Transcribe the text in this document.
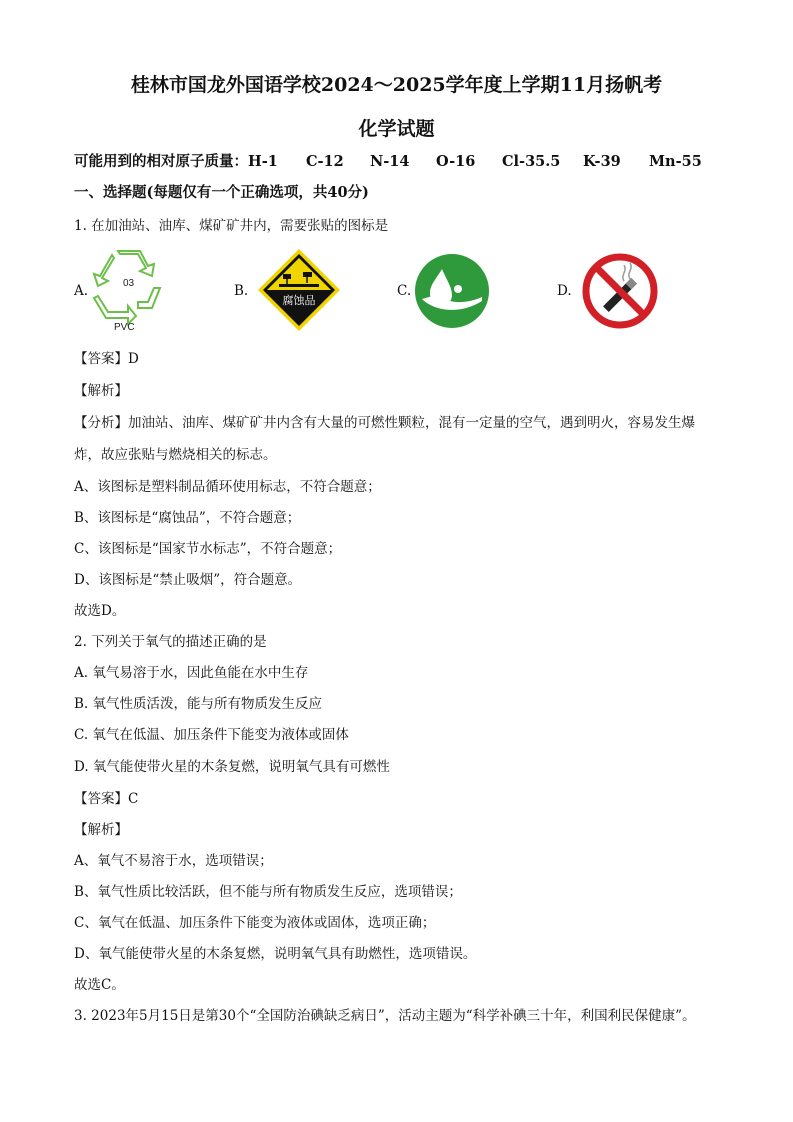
桂林市国龙外国语学校2024～2025学年度上学期11月扬帆考
化学试题
可能用到的相对原子质量：H-1 C-12 N-14 O-16 Cl-35.5 K-39 Mn-55
一、选择题(每题仅有一个正确选项，共40分)
1. 在加油站、油库、煤矿矿井内，需要张贴的图标是
A.	03
PVC
B.
腐蚀品
C.	D.
【答案】D
【解析】
【分析】加油站、油库、煤矿矿井内含有大量的可燃性颗粒，混有一定量的空气，遇到明火，容易发生爆
炸，故应张贴与燃烧相关的标志。
A、该图标是塑料制品循环使用标志，不符合题意；
B、该图标是“腐蚀品”，不符合题意；
C、该图标是“国家节水标志”，不符合题意；
D、该图标是“禁止吸烟”，符合题意。
故选D。
2. 下列关于氧气的描述正确的是
A. 氧气易溶于水，因此鱼能在水中生存
B. 氧气性质活泼，能与所有物质发生反应
C. 氧气在低温、加压条件下能变为液体或固体
D. 氧气能使带火星的木条复燃，说明氧气具有可燃性
【答案】C
【解析】
A、氧气不易溶于水，选项错误；
B、氧气性质比较活跃，但不能与所有物质发生反应，选项错误；
C、氧气在低温、加压条件下能变为液体或固体，选项正确；
D、氧气能使带火星的木条复燃，说明氧气具有助燃性，选项错误。
故选C。
3. 2023年5月15日是第30个“全国防治碘缺乏病日”，活动主题为“科学补碘三十年，利国利民保健康”。
